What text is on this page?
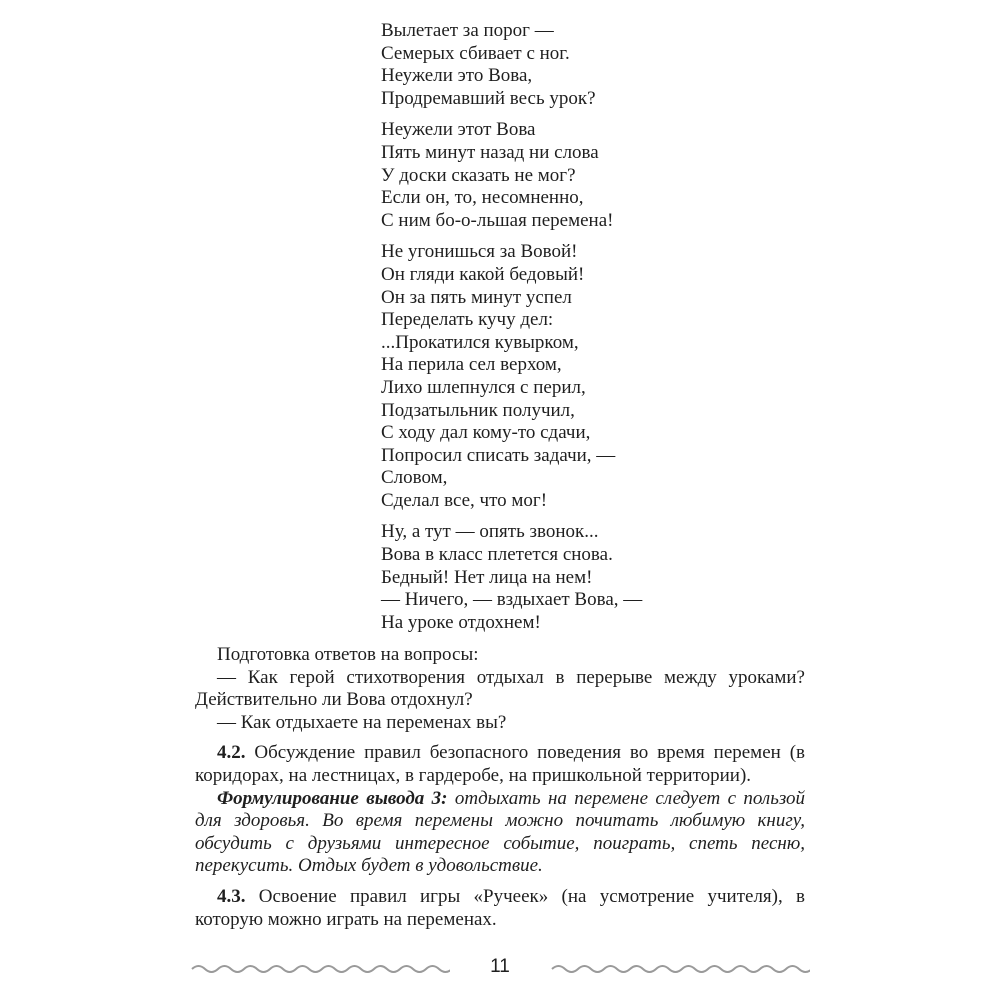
Вылетает за порог —
Семерых сбивает с ног.
Неужели это Вова,
Продремавший весь урок?
Неужели этот Вова
Пять минут назад ни слова
У доски сказать не мог?
Если он, то, несомненно,
С ним бо-о-льшая перемена!
Не угонишься за Вовой!
Он гляди какой бедовый!
Он за пять минут успел
Переделать кучу дел:
...Прокатился кувырком,
На перила сел верхом,
Лихо шлепнулся с перил,
Подзатыльник получил,
С ходу дал кому-то сдачи,
Попросил списать задачи, —
Словом,
Сделал все, что мог!
Ну, а тут — опять звонок...
Вова в класс плетется снова.
Бедный! Нет лица на нем!
— Ничего, — вздыхает Вова, —
На уроке отдохнем!

Подготовка ответов на вопросы:

— Как герой стихотворения отдыхал в перерыве между уроками? Действительно ли Вова отдохнул?

— Как отдыхаете на переменах вы?

4.2. Обсуждение правил безопасного поведения во время перемен (в коридорах, на лестницах, в гардеробе, на пришкольной территории).

Формулирование вывода 3: отдыхать на перемене следует с пользой для здоровья. Во время перемены можно почитать любимую книгу, обсудить с друзьями интересное событие, поиграть, спеть песню, перекусить. Отдых будет в удовольствие.

4.3. Освоение правил игры «Ручеек» (на усмотрение учителя), в которую можно играть на переменах.

11
